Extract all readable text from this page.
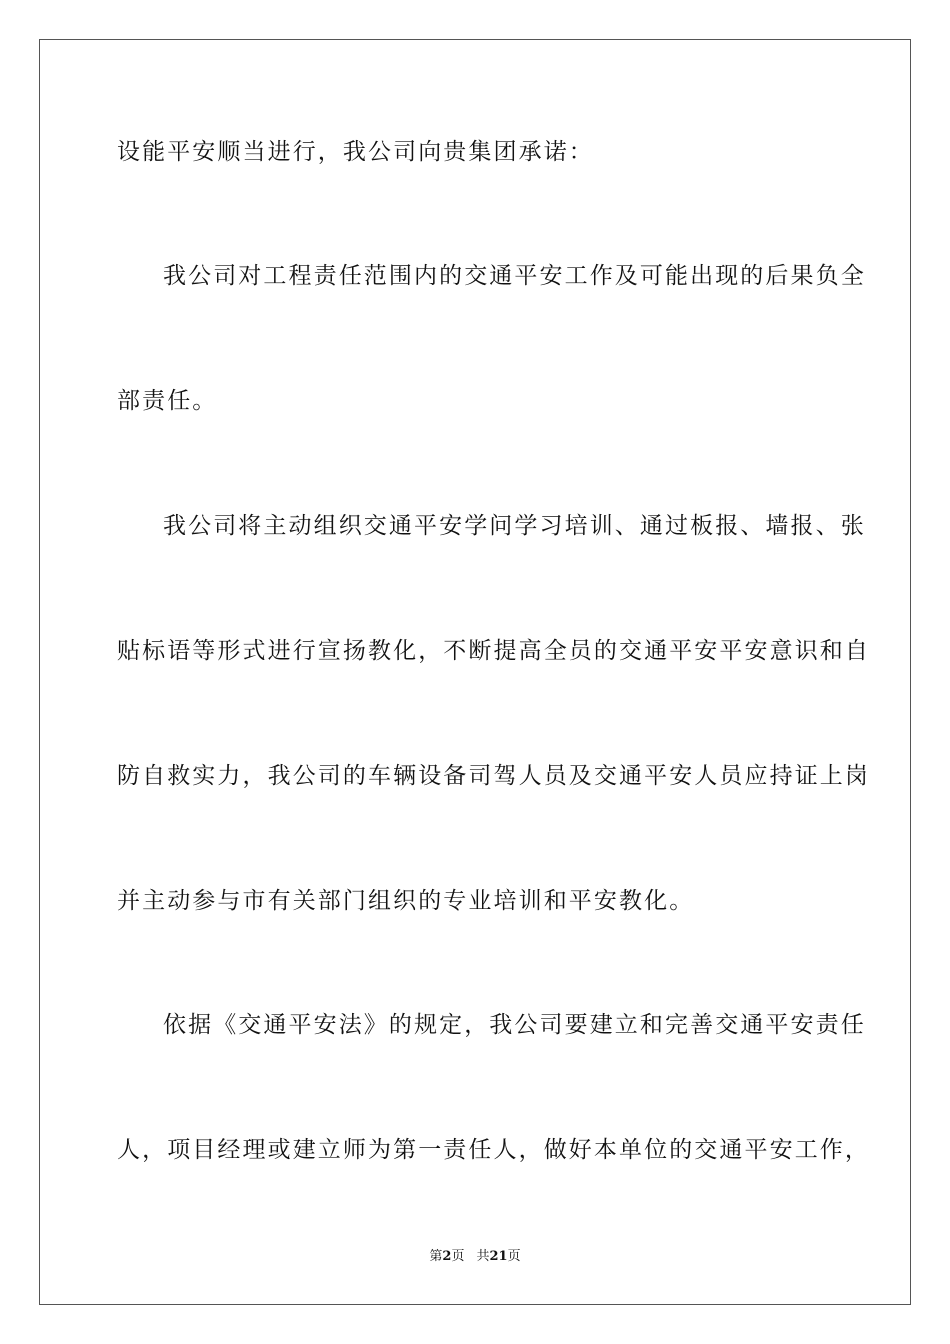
设能平安顺当进行，我公司向贵集团承诺：
我公司对工程责任范围内的交通平安工作及可能出现的后果负全
部责任。
我公司将主动组织交通平安学问学习培训、通过板报、墙报、张
贴标语等形式进行宣扬教化，不断提高全员的交通平安平安意识和自
防自救实力，我公司的车辆设备司驾人员及交通平安人员应持证上岗
并主动参与市有关部门组织的专业培训和平安教化。
依据《交通平安法》的规定，我公司要建立和完善交通平安责任
人，项目经理或建立师为第一责任人，做好本单位的交通平安工作，
第2页 共21页
